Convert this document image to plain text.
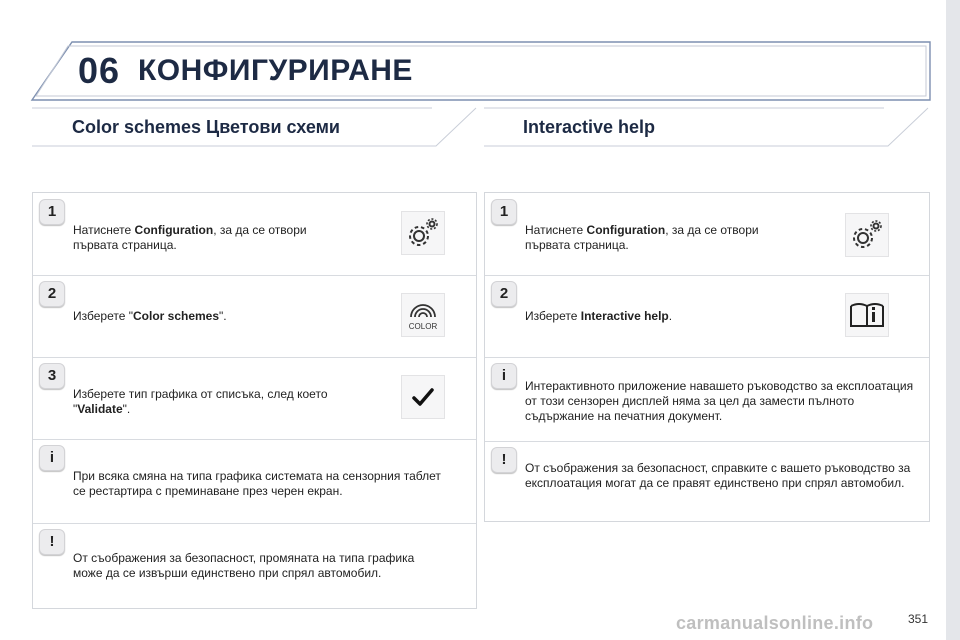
06 КОНФИГУРИРАНЕ
Color schemes Цветови схеми	Interactive help
1
Натиснете Configuration, за да се отвори първата страница.
2
Изберете "Color schemes".
COLOR
3
Изберете тип графика от списъка, след което "Validate".
i
При всяка смяна на типа графика системата на сензорния таблет се рестартира с преминаване през черен екран.
!
От съображения за безопасност, промяната на типа графика може да се извърши единствено при спрял автомобил.
1
Натиснете Configuration, за да се отвори първата страница.
2
Изберете Interactive help.
i
Интерактивното приложение навашето ръководство за експлоатация от този сензорен дисплей няма за цел да замести пълното съдържание на печатния документ.
!	От съображения за безопасност, справките с вашето ръководство за експлоатация могат да се правят единствено при спрял автомобил.
carmanualsonline.info	351
